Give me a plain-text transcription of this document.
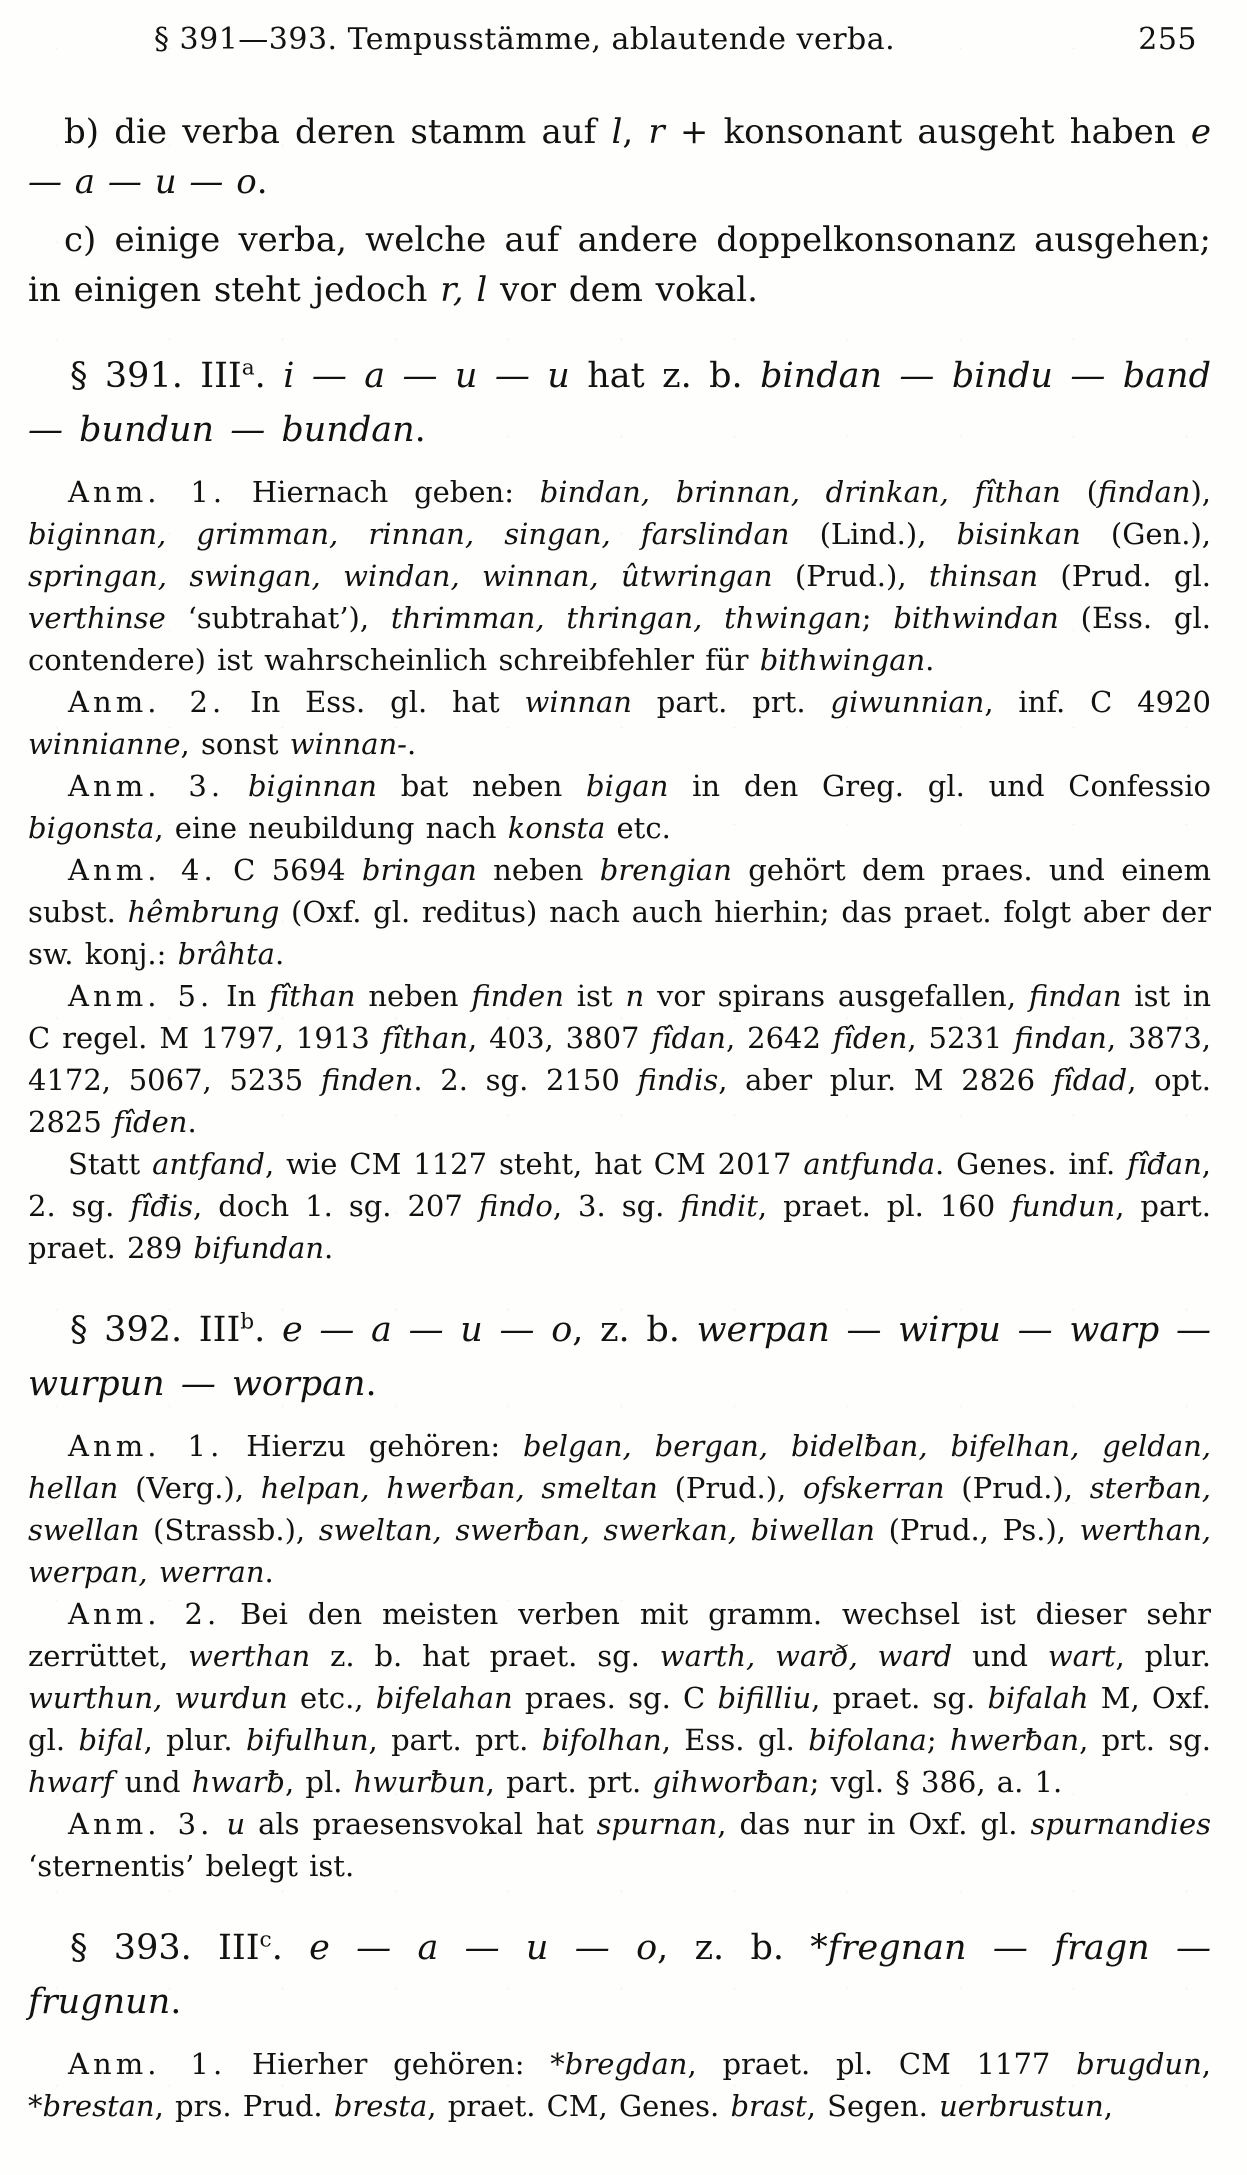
§ 391—393. Tempusstämme, ablautende verba.	255

b) die verba deren stamm auf l, r + konsonant ausgeht haben e — a — u — o.

c) einige verba, welche auf andere doppelkonsonanz ausgehen; in einigen steht jedoch r, l vor dem vokal.

§ 391. III$^a$. i — a — u — u hat z. b. bindan — bindu — band — bundun — bundan.

Anm. 1. Hiernach geben: bindan, brinnan, drinkan, fîthan (findan), biginnan, grimman, rinnan, singan, farslindan (Lind.), bisinkan (Gen.), springan, swingan, windan, winnan, ûtwringan (Prud.), thinsan (Prud. gl. verthinse ‘subtrahat’), thrimman, thringan, thwingan; bithwindan (Ess. gl. contendere) ist wahrscheinlich schreibfehler für bithwingan.

Anm. 2. In Ess. gl. hat winnan part. prt. giwunnian, inf. C 4920 winnianne, sonst winnan-.

Anm. 3. biginnan bat neben bigan in den Greg. gl. und Confessio bigonsta, eine neubildung nach konsta etc.

Anm. 4. C 5694 bringan neben brengian gehört dem praes. und einem subst. hêmbrung (Oxf. gl. reditus) nach auch hierhin; das praet. folgt aber der sw. konj.: brâhta.

Anm. 5. In fîthan neben finden ist n vor spirans ausgefallen, findan ist in C regel. M 1797, 1913 fîthan, 403, 3807 fîdan, 2642 fîden, 5231 findan, 3873, 4172, 5067, 5235 finden. 2. sg. 2150 findis, aber plur. M 2826 fîdad, opt. 2825 fîden.

Statt antfand, wie CM 1127 steht, hat CM 2017 antfunda. Genes. inf. fîđan, 2. sg. fîđis, doch 1. sg. 207 findo, 3. sg. findit, praet. pl. 160 fundun, part. praet. 289 bifundan.

§ 392. III$^b$. e — a — u — o, z. b. werpan — wirpu — warp — wurpun — worpan.

Anm. 1. Hierzu gehören: belgan, bergan, bidelƀan, bifelhan, geldan, hellan (Verg.), helpan, hwerƀan, smeltan (Prud.), ofskerran (Prud.), sterƀan, swellan (Strassb.), sweltan, swerƀan, swerkan, biwellan (Prud., Ps.), werthan, werpan, werran.

Anm. 2. Bei den meisten verben mit gramm. wechsel ist dieser sehr zerrüttet, werthan z. b. hat praet. sg. warth, warð, ward und wart, plur. wurthun, wurdun etc., bifelahan praes. sg. C bifilliu, praet. sg. bifalah M, Oxf. gl. bifal, plur. bifulhun, part. prt. bifolhan, Ess. gl. bifolana; hwerƀan, prt. sg. hwarf und hwarƀ, pl. hwurƀun, part. prt. gihworƀan; vgl. § 386, a. 1.

Anm. 3. u als praesensvokal hat spurnan, das nur in Oxf. gl. spurnandies ‘sternentis’ belegt ist.

§ 393. III$^c$. e — a — u — o, z. b. *fregnan — fragn — frugnun.

Anm. 1. Hierher gehören: *bregdan, praet. pl. CM 1177 brugdun, *brestan, prs. Prud. bresta, praet. CM, Genes. brast, Segen. uerbrustun,
